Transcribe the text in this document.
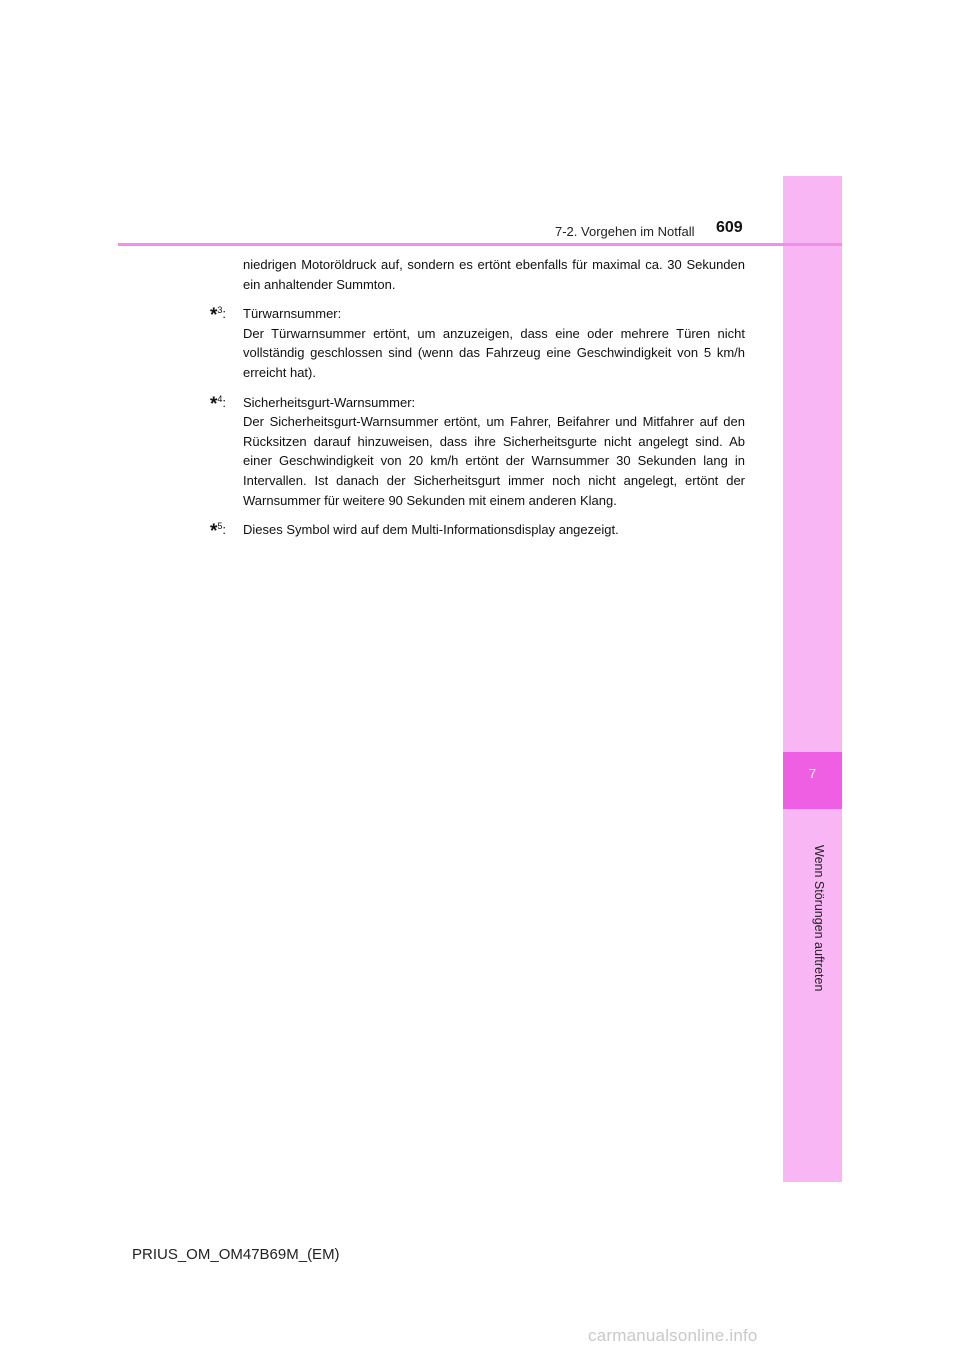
7
Wenn Störungen auftreten
7-2. Vorgehen im Notfall 609

niedrigen Motoröldruck auf, sondern es ertönt ebenfalls für maximal ca. 30 Sekunden ein anhaltender Summton.

*$^3$:	Türwarnsummer:

Der Türwarnsummer ertönt, um anzuzeigen, dass eine oder mehrere Türen nicht vollständig geschlossen sind (wenn das Fahrzeug eine Geschwindigkeit von 5 km/h erreicht hat).

*$^4$:	Sicherheitsgurt-Warnsummer:

Der Sicherheitsgurt-Warnsummer ertönt, um Fahrer, Beifahrer und Mitfahrer auf den Rücksitzen darauf hinzuweisen, dass ihre Sicherheitsgurte nicht angelegt sind. Ab einer Geschwindigkeit von 20 km/h ertönt der Warnsummer 30 Sekunden lang in Intervallen. Ist danach der Sicherheitsgurt immer noch nicht angelegt, ertönt der Warnsummer für weitere 90 Sekunden mit einem anderen Klang.

*$^5$:	Dieses Symbol wird auf dem Multi-Informationsdisplay angezeigt.
PRIUS_OM_OM47B69M_(EM)
carmanualsonline.info
